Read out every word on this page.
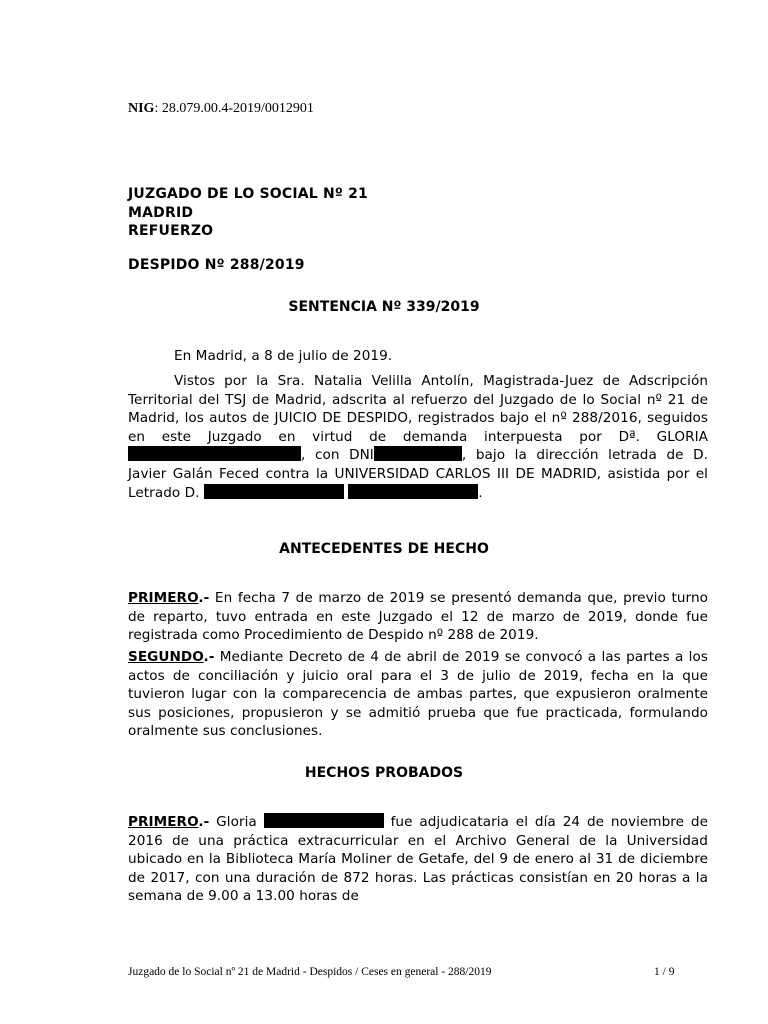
NIG: 28.079.00.4-2019/0012901
JUZGADO DE LO SOCIAL Nº 21
MADRID
REFUERZO
DESPIDO Nº 288/2019
SENTENCIA Nº 339/2019
En Madrid, a 8 de julio de 2019.
Vistos por la Sra. Natalia Velilla Antolín, Magistrada-Juez de Adscripción Territorial del TSJ de Madrid, adscrita al refuerzo del Juzgado de lo Social nº 21 de Madrid, los autos de JUICIO DE DESPIDO, registrados bajo el nº 288/2016, seguidos en este Juzgado en virtud de demanda interpuesta por Dª. GLORIA , con DNI	, bajo la dirección letrada de D. Javier Galán Feced contra la UNIVERSIDAD CARLOS III DE MADRID, asistida por el Letrado D.	.
ANTECEDENTES DE HECHO
PRIMERO.- En fecha 7 de marzo de 2019 se presentó demanda que, previo turno de reparto, tuvo entrada en este Juzgado el 12 de marzo de 2019, donde fue registrada como Procedimiento de Despido nº 288 de 2019.
SEGUNDO.- Mediante Decreto de 4 de abril de 2019 se convocó a las partes a los actos de conciliación y juicio oral para el 3 de julio de 2019, fecha en la que tuvieron lugar con la comparecencia de ambas partes, que expusieron oralmente sus posiciones, propusieron y se admitió prueba que fue practicada, formulando oralmente sus conclusiones.
HECHOS PROBADOS
PRIMERO.- Gloria	fue adjudicataria el día 24 de noviembre de 2016 de una práctica extracurricular en el Archivo General de la Universidad ubicado en la Biblioteca María Moliner de Getafe, del 9 de enero al 31 de diciembre de 2017, con una duración de 872 horas. Las prácticas consistían en 20 horas a la semana de 9.00 a 13.00 horas de
Juzgado de lo Social nº 21 de Madrid - Despidos / Ceses en general - 288/2019	1 / 9
